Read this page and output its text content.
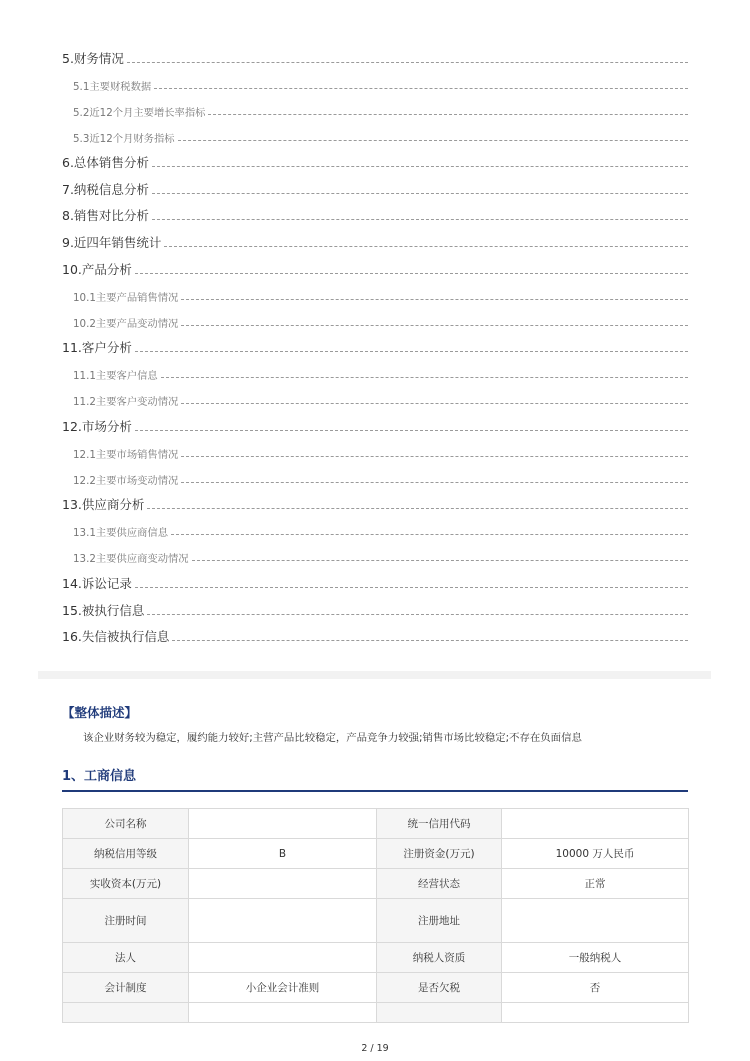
5.财务情况
5.1主要财税数据
5.2近12个月主要增长率指标
5.3近12个月财务指标
6.总体销售分析
7.纳税信息分析
8.销售对比分析
9.近四年销售统计
10.产品分析
10.1主要产品销售情况
10.2主要产品变动情况
11.客户分析
11.1主要客户信息
11.2主要客户变动情况
12.市场分析
12.1主要市场销售情况
12.2主要市场变动情况
13.供应商分析
13.1主要供应商信息
13.2主要供应商变动情况
14.诉讼记录
15.被执行信息
16.失信被执行信息
【整体描述】
该企业财务较为稳定，履约能力较好;主营产品比较稳定，产品竞争力较强;销售市场比较稳定;不存在负面信息
1、工商信息
公司名称		统一信用代码	
纳税信用等级	B	注册资金(万元)	10000 万人民币
实收资本(万元)		经营状态	正常
注册时间		注册地址	
法人		纳税人资质	一般纳税人
会计制度	小企业会计准则	是否欠税	否

2 / 19
